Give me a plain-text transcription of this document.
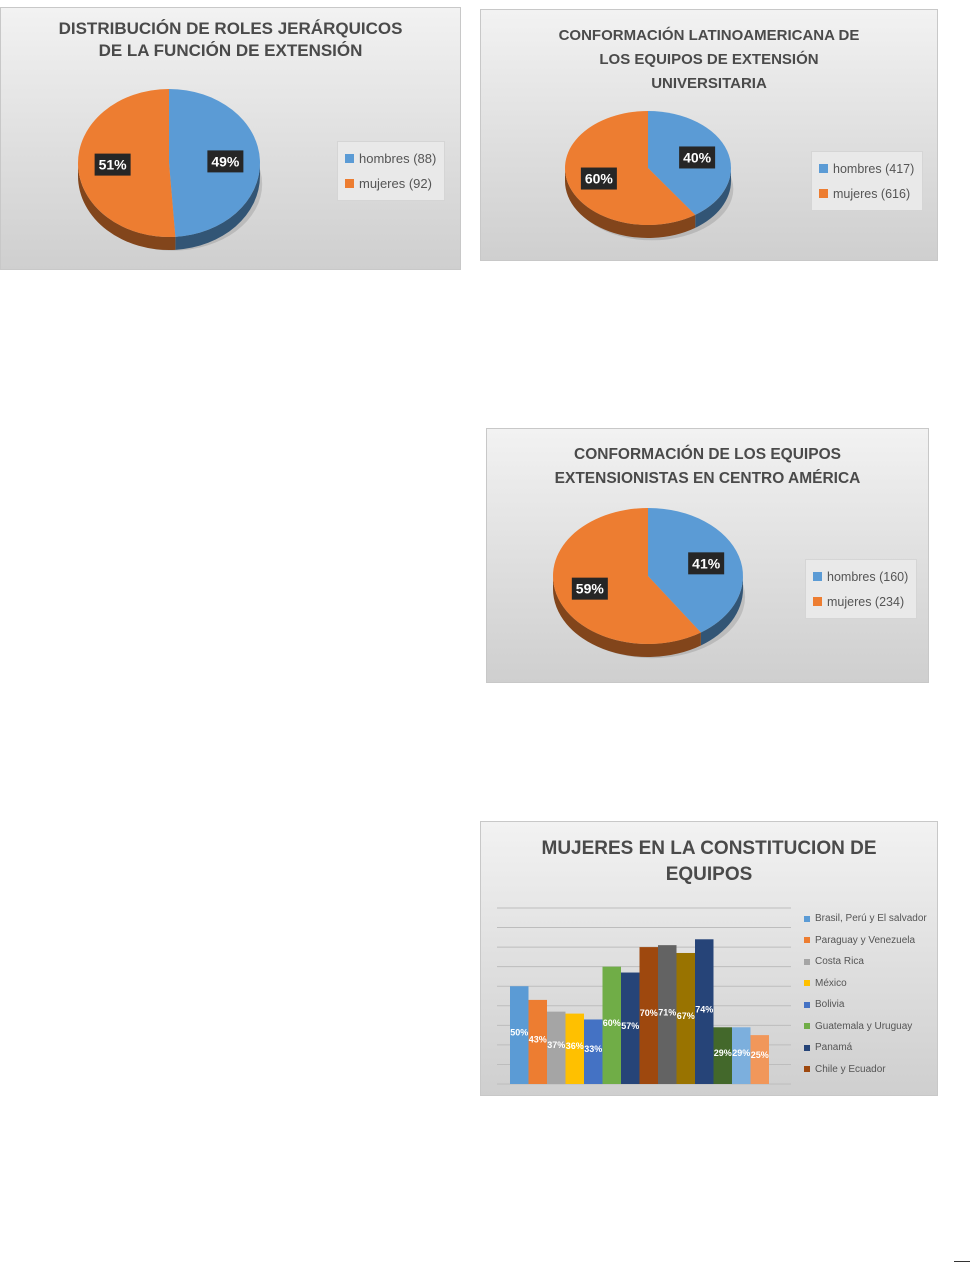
49%
51%
DISTRIBUCIÓN DE ROLES JERÁRQUICOS
DE LA FUNCIÓN DE EXTENSIÓN
hombres (88)
mujeres (92)
40%
60%
CONFORMACIÓN LATINOAMERICANA DE
LOS EQUIPOS DE EXTENSIÓN
UNIVERSITARIA
hombres (417)
mujeres (616)
41%
59%
CONFORMACIÓN DE LOS EQUIPOS
EXTENSIONISTAS EN CENTRO AMÉRICA
hombres (160)
mujeres (234)
50%
43%
37% 36% 33%
60% 57%
70% 71% 67%
74%
29% 29% 25%
MUJERES EN LA CONSTITUCION DE
EQUIPOS
Brasil, Perú y El salvador
Paraguay y Venezuela
Costa Rica
México
Bolivia
Guatemala y Uruguay
Panamá
Chile y Ecuador
